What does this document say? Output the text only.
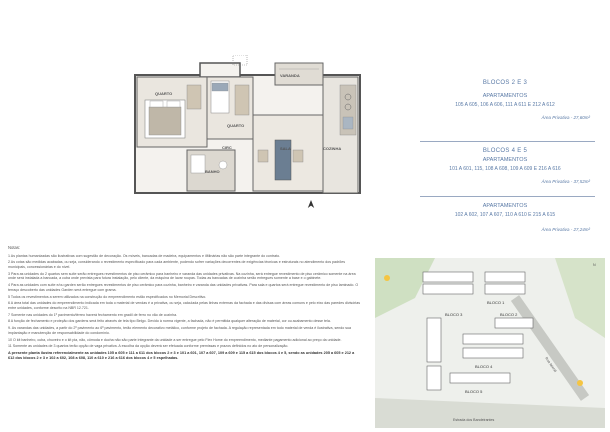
QUARTO
QUARTO
VARANDA
CIRC
BANHO
SALA	COZINHA
BLOCOS 2 E 3
APARTAMENTOS
105 A 605, 106 A 606, 111 A 611 E 212 A 612
Área Privativa - 27,60m²
BLOCOS 4 E 5
APARTAMENTOS
101 A 601, 115, 108 A 608, 109 A 609 E 216 A 616
Área Privativa - 37,52m²
APARTAMENTOS
102 A 602, 107 A 607, 110 A 610 E 215 A 615
Área Privativa - 27,24m²

Notas:

1 As plantas humanizadas são ilustrativas com sugestão de decoração. Os móveis, bancadas de madeira, equipamentos e ilMinárias não são parte integrante do contrato.

2 As cotas são medidas acabadas, ou seja, considerando o revestimento especificado para cada ambiente, podendo sofrer variações decorrentes de exigências técnicas e estruturais no atendimento dos padrões municipais, concessionárias e do nível.

3 Para as unidades do 2 quartos sem suíte serão entregues revestimentos de piso cerâmico para banheiro e varanda das unidades privativas. Na cozinha, será entregue revestimento de piso cerâmico somente na área onde será instalada a bancada, a cuba onde prevista para futura instalação, pelo cliente, da máquina de lavar roupas. Todas as bancadas de cozinha serão entregues somente a base e o gabinete.

4 Para as unidades com suíte e/ou garden serão entregues revestimentos de piso cerâmico para cozinha, banheiro e varanda das unidades privativas. Para sala e quartos será entregue revestimento de piso laminado. O terraço descoberto das unidades Garden será entregue com grama.

5 Todos os revestimentos a serem utilizados na construção do empreendimento estão especificados no Memorial Descritivo.

6 A área total das unidades do empreendimento indicada em toda o material de vendas é a privativa, ou seja, calculada pelas linhas externas da fachada e das divisas com áreas comuns e pelo eixo das paredes divisórias entre unidades, conforme descrito na NBR 12.721.

7 Somente nas unidades do 1º pavimento/térreo haverá fechamento em gradil de ferro no vão de cozinha.

8 A função de fechamento e proteção dos gardens será feito através de tela tipo Belgo. Devido à norma vigente, a fachada, não é permitida qualquer alteração de material, cor ou acabamento desse tela.

9. As varandas das unidades, a partir do 2º pavimento ao 6º pavimento, terão elemento decorativo metálico, conforme projeto de fachada. A regulação representada em todo material de venda é ilustrativa, sendo sua implantação e manutenção de responsabilidade do condomínio.

10 O kit banheiro, cuba, chuveiro e o kit pia, não, cômoda e ducha não são parte integrante da unidade a ser entregue pelo Flex Home do empreendimento, mediante pagamento adicional ao preço da unidade.

11 Somente as unidades de 3 quartos terão opção de vaga privativa. A escolha da opção deverá ser efetuada conforme premissas e prazos definidos no ato de personalização.

A presente planta ilustra referencialmente as unidades 105 a 605 e 111 a 611 dos blocos 2 e 3 e 101 a 601, 107 a 607, 109 a 609 e 115 a 615 dos blocos 4 e 5, sendo as unidades 205 a 605 e 212 a 612 dos blocos 2 e 3 e 102 a 602, 108 a 608, 110 a 610 e 216 a 616 dos blocos 4 e 5 espelhadas.

BLOCO 1
BLOCO 2
BLOCO 3
BLOCO 4
BLOCO 5
Estrada dos Bandeirantes
Rua lateral
N
